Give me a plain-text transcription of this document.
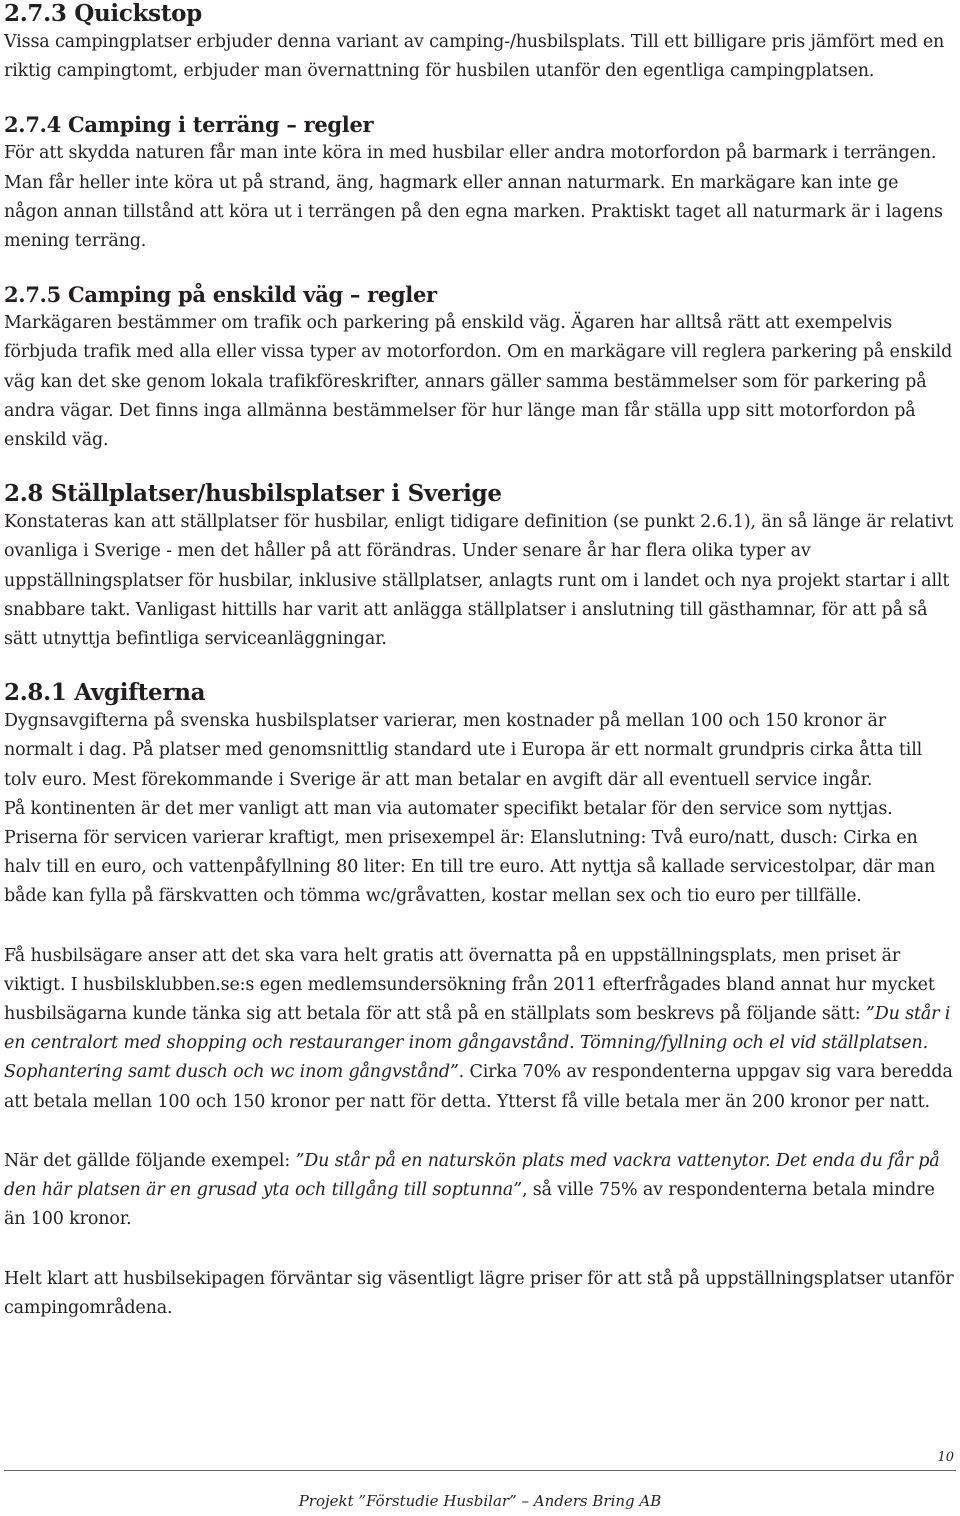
2.7.3 Quickstop

Vissa campingplatser erbjuder denna variant av camping-/husbilsplats. Till ett billigare pris jämfört med en riktig campingtomt, erbjuder man övernattning för husbilen utanför den egentliga campingplatsen.

2.7.4 Camping i terräng – regler

För att skydda naturen får man inte köra in med husbilar eller andra motorfordon på barmark i terrängen. Man får heller inte köra ut på strand, äng, hagmark eller annan naturmark. En markägare kan inte ge någon annan tillstånd att köra ut i terrängen på den egna marken. Praktiskt taget all naturmark är i lagens mening terräng.

2.7.5 Camping på enskild väg – regler

Markägaren bestämmer om trafik och parkering på enskild väg. Ägaren har alltså rätt att exempelvis förbjuda trafik med alla eller vissa typer av motorfordon. Om en markägare vill reglera parkering på enskild väg kan det ske genom lokala trafikföreskrifter, annars gäller samma bestämmelser som för parkering på andra vägar. Det finns inga allmänna bestämmelser för hur länge man får ställa upp sitt motorfordon på enskild väg.

2.8 Ställplatser/husbilsplatser i Sverige

Konstateras kan att ställplatser för husbilar, enligt tidigare definition (se punkt 2.6.1), än så länge är relativt ovanliga i Sverige - men det håller på att förändras. Under senare år har flera olika typer av uppställningsplatser för husbilar, inklusive ställplatser, anlagts runt om i landet och nya projekt startar i allt snabbare takt. Vanligast hittills har varit att anlägga ställplatser i anslutning till gästhamnar, för att på så sätt utnyttja befintliga serviceanläggningar.

2.8.1 Avgifterna

Dygnsavgifterna på svenska husbilsplatser varierar, men kostnader på mellan 100 och 150 kronor är normalt i dag. På platser med genomsnittlig standard ute i Europa är ett normalt grundpris cirka åtta till tolv euro. Mest förekommande i Sverige är att man betalar en avgift där all eventuell service ingår.

På kontinenten är det mer vanligt att man via automater specifikt betalar för den service som nyttjas. Priserna för servicen varierar kraftigt, men prisexempel är: Elanslutning: Två euro/natt, dusch: Cirka en halv till en euro, och vattenpåfyllning 80 liter: En till tre euro. Att nyttja så kallade servicestolpar, där man både kan fylla på färskvatten och tömma wc/gråvatten, kostar mellan sex och tio euro per tillfälle.

Få husbilsägare anser att det ska vara helt gratis att övernatta på en uppställningsplats, men priset är viktigt. I husbilsklubben.se:s egen medlemsundersökning från 2011 efterfrågades bland annat hur mycket husbilsägarna kunde tänka sig att betala för att stå på en ställplats som beskrevs på följande sätt: ”Du står i en centralort med shopping och restauranger inom gångavstånd. Tömning/fyllning och el vid ställplatsen. Sophantering samt dusch och wc inom gångvstånd”. Cirka 70% av respondenterna uppgav sig vara beredda att betala mellan 100 och 150 kronor per natt för detta. Ytterst få ville betala mer än 200 kronor per natt.

När det gällde följande exempel: ”Du står på en naturskön plats med vackra vattenytor. Det enda du får på den här platsen är en grusad yta och tillgång till soptunna”, så ville 75% av respondenterna betala mindre än 100 kronor.

Helt klart att husbilsekipagen förväntar sig väsentligt lägre priser för att stå på uppställningsplatser utanför campingområdena.

10
Projekt ”Förstudie Husbilar” – Anders Bring AB
